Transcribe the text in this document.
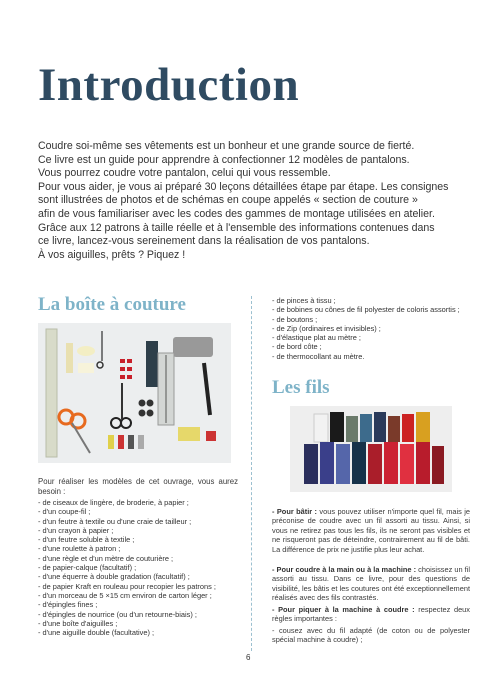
Introduction

Coudre soi-même ses vêtements est un bonheur et une grande source de fierté.

Ce livre est un guide pour apprendre à confectionner 12 modèles de pantalons.

Vous pourrez coudre votre pantalon, celui qui vous ressemble.

Pour vous aider, je vous ai préparé 30 leçons détaillées étape par étape. Les consignes

sont illustrées de photos et de schémas en coupe appelés « section de couture »

afin de vous familiariser avec les codes des gammes de montage utilisées en atelier.

Grâce aux 12 patrons à taille réelle et à l'ensemble des informations contenues dans

ce livre, lancez-vous sereinement dans la réalisation de vos pantalons.

À vos aiguilles, prêts ? Piquez !

La boîte à couture

Pour réaliser les modèles de cet ouvrage, vous aurez besoin :

- de ciseaux de lingère, de broderie, à papier ;
- d'un coupe-fil ;
- d'un feutre à textile ou d'une craie de tailleur ;
- d'un crayon à papier ;
- d'un feutre soluble à textile ;
- d'une roulette à patron ;
- d'une règle et d'un mètre de couturière ;
- de papier-calque (facultatif) ;
- d'une équerre à double gradation (facultatif) ;
- de papier Kraft en rouleau pour recopier les patrons ;
- d'un morceau de 5 ×15 cm environ de carton léger ;
- d'épingles fines ;
- d'épingles de nourrice (ou d'un retourne-biais) ;
- d'une boîte d'aiguilles ;
- d'une aiguille double (facultative) ;
- de pinces à tissu ;
- de bobines ou cônes de fil polyester de coloris assortis ;
- de boutons ;
- de Zip (ordinaires et invisibles) ;
- d'élastique plat au mètre ;
- de bord côte ;
- de thermocollant au mètre.
Les fils

- Pour bâtir : vous pouvez utiliser n'importe quel fil, mais je préconise de coudre avec un fil assorti au tissu. Ainsi, si vous ne retirez pas tous les fils, ils ne seront pas visibles et ne risqueront pas de déteindre, contrairement au fil de bâti. La différence de prix ne justifie plus leur achat.

- Pour coudre à la main ou à la machine : choisissez un fil assorti au tissu. Dans ce livre, pour des questions de visibilité, les bâtis et les coutures ont été exceptionnellement réalisés avec des fils contrastés.

- Pour piquer à la machine à coudre : respectez deux règles importantes :

- cousez avec du fil adapté (de coton ou de polyester spécial machine à coudre) ;

6
